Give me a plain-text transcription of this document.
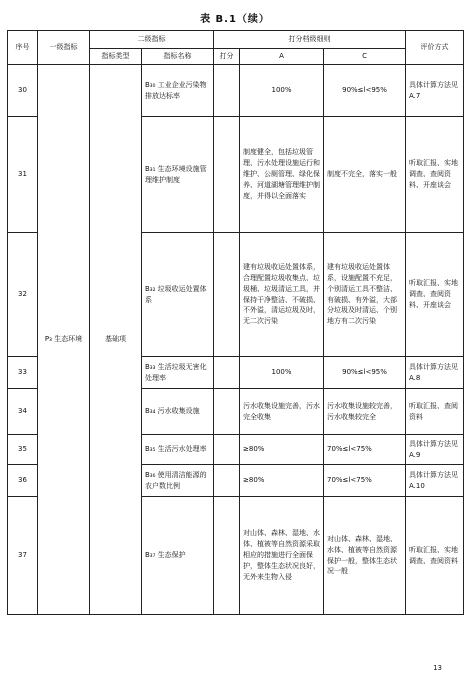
表 B.1（续）
序号	一级指标	二级指标		打分档级细则			评价方式
		指标类型	指标名称	打分	A	C	
30	P₃ 生态环境	基础项	B₃₀ 工业企业污染物排放达标率		100%	90%≤l<95%	具体计算方法见 A.7
31			B₃₁ 生态环境设施管理维护制度		制度健全，包括垃圾管理、污水处理设施运行和维护、公厕管理、绿化保养、河道湖塘管理维护制度，并得以全面落实	制度不完全，落实一般	听取汇报、实地调查、查阅资料、开座谈会
32			B₃₂ 垃圾收运处置体系		建有垃圾收运处置体系，合理配置垃圾收集点、垃圾桶、垃圾清运工具，并保持干净整洁、不破损、不外溢，清运垃圾及时，无二次污染	建有垃圾收运处置体系，设施配置不充足，个别清运工具不整洁、有破损、有外溢，大部分垃圾及时清运、个别地方有二次污染	听取汇报、实地调查、查阅资料、开座谈会
33			B₃₃ 生活垃圾无害化处理率		100%	90%≤l<95%	具体计算方法见 A.8
34			B₃₄ 污水收集设施		污水收集设施完善，污水完全收集	污水收集设施较完善，污水收集较完全	听取汇报、查阅资料
35			B₃₅ 生活污水处理率		≥80%	70%≤l<75%	具体计算方法见 A.9
36			B₃₆ 使用清洁能源的农户数比例		≥80%	70%≤l<75%	具体计算方法见 A.10
37			B₃₇ 生态保护		对山体、森林、湿地、水体、植被等自然资源采取相应的措施进行全面保护，整体生态状况良好，无外来生物入侵	对山体、森林、湿地、水体、植被等自然资源保护一般，整体生态状况一般	听取汇报、实地调查、查阅资料
13
